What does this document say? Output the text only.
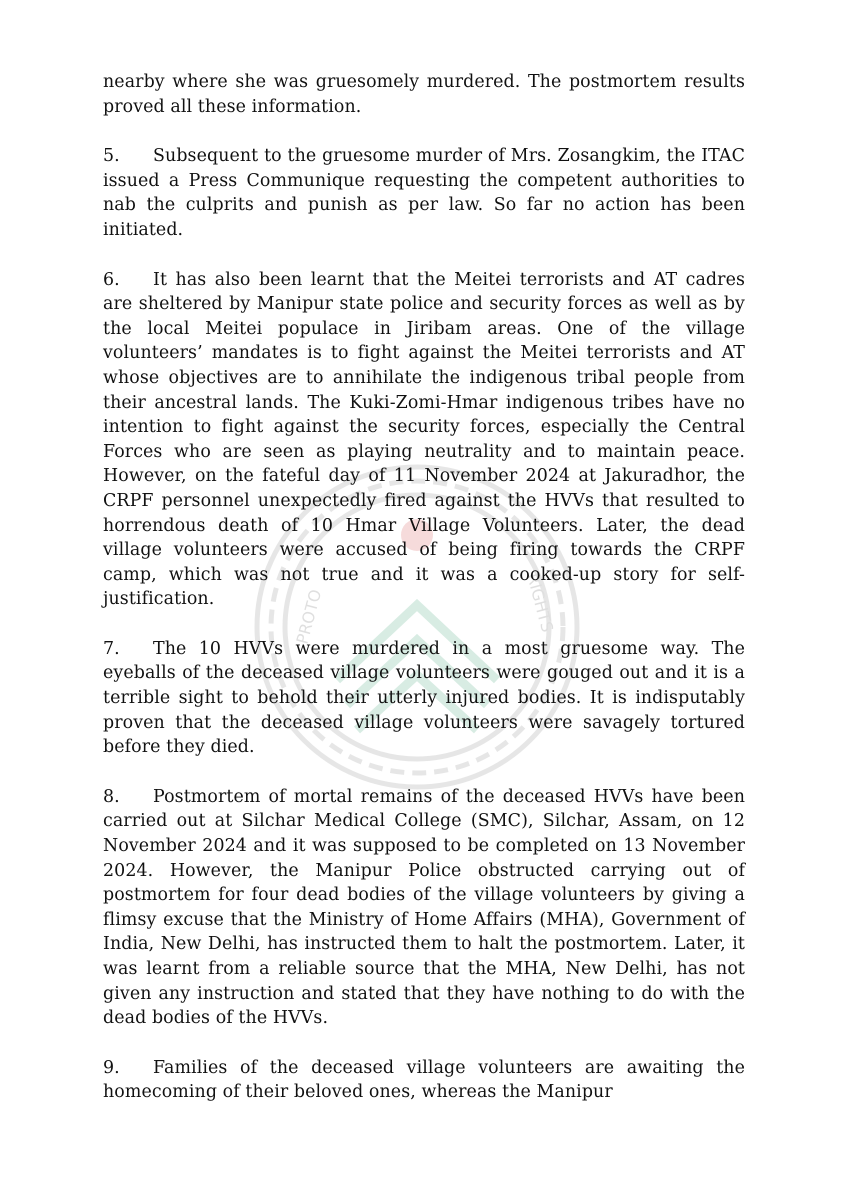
PROTO	RIGHTS

nearby where she was gruesomely murdered. The postmortem results proved all these information.

5. Subsequent to the gruesome murder of Mrs. Zosangkim, the ITAC issued a Press Communique requesting the competent authorities to nab the culprits and punish as per law. So far no action has been initiated.

6. It has also been learnt that the Meitei terrorists and AT cadres are sheltered by Manipur state police and security forces as well as by the local Meitei populace in Jiribam areas. One of the village volunteers’ mandates is to fight against the Meitei terrorists and AT whose objectives are to annihilate the indigenous tribal people from their ancestral lands. The Kuki-Zomi-Hmar indigenous tribes have no intention to fight against the security forces, especially the Central Forces who are seen as playing neutrality and to maintain peace. However, on the fateful day of 11 November 2024 at Jakuradhor, the CRPF personnel unexpectedly fired against the HVVs that resulted to horrendous death of 10 Hmar Village Volunteers. Later, the dead village volunteers were accused of being firing towards the CRPF camp, which was not true and it was a cooked-up story for self-justification.

7. The 10 HVVs were murdered in a most gruesome way. The eyeballs of the deceased village volunteers were gouged out and it is a terrible sight to behold their utterly injured bodies. It is indisputably proven that the deceased village volunteers were savagely tortured before they died.

8. Postmortem of mortal remains of the deceased HVVs have been carried out at Silchar Medical College (SMC), Silchar, Assam, on 12 November 2024 and it was supposed to be completed on 13 November 2024. However, the Manipur Police obstructed carrying out of postmortem for four dead bodies of the village volunteers by giving a flimsy excuse that the Ministry of Home Affairs (MHA), Government of India, New Delhi, has instructed them to halt the postmortem. Later, it was learnt from a reliable source that the MHA, New Delhi, has not given any instruction and stated that they have nothing to do with the dead bodies of the HVVs.

9. Families of the deceased village volunteers are awaiting the homecoming of their beloved ones, whereas the Manipur
